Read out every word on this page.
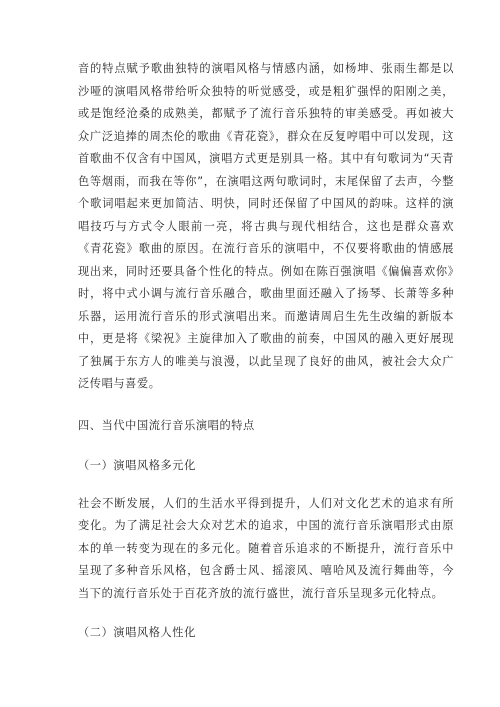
音的特点赋予歌曲独特的演唱风格与情感内涵，如杨坤、张雨生都是以沙哑的演唱风格带给听众独特的听觉感受，或是粗犷强悍的阳刚之美，或是饱经沧桑的成熟美，都赋予了流行音乐独特的审美感受。再如被大众广泛追捧的周杰伦的歌曲《青花瓷》，群众在反复哼唱中可以发现，这首歌曲不仅含有中国风，演唱方式更是别具一格。其中有句歌词为“天青色等烟雨，而我在等你”，在演唱这两句歌词时，末尾保留了去声，今整个歌词唱起来更加简洁、明快，同时还保留了中国风的韵味。这样的演唱技巧与方式令人眼前一亮，将古典与现代相结合，这也是群众喜欢《青花瓷》歌曲的原因。在流行音乐的演唱中，不仅要将歌曲的情感展现出来，同时还要具备个性化的特点。例如在陈百强演唱《偏偏喜欢你》时，将中式小调与流行音乐融合，歌曲里面还融入了扬琴、长萧等多种乐器，运用流行音乐的形式演唱出来。而邀请周启生先生改编的新版本中，更是将《梁祝》主旋律加入了歌曲的前奏，中国风的融入更好展现了独属于东方人的唯美与浪漫，以此呈现了良好的曲风，被社会大众广泛传唱与喜爱。

四、当代中国流行音乐演唱的特点

（一）演唱风格多元化

社会不断发展，人们的生活水平得到提升，人们对文化艺术的追求有所变化。为了满足社会大众对艺术的追求，中国的流行音乐演唱形式由原本的单一转变为现在的多元化。随着音乐追求的不断提升，流行音乐中呈现了多种音乐风格，包含爵士风、摇滚风、嘻哈风及流行舞曲等，今当下的流行音乐处于百花齐放的流行盛世，流行音乐呈现多元化特点。

（二）演唱风格人性化
